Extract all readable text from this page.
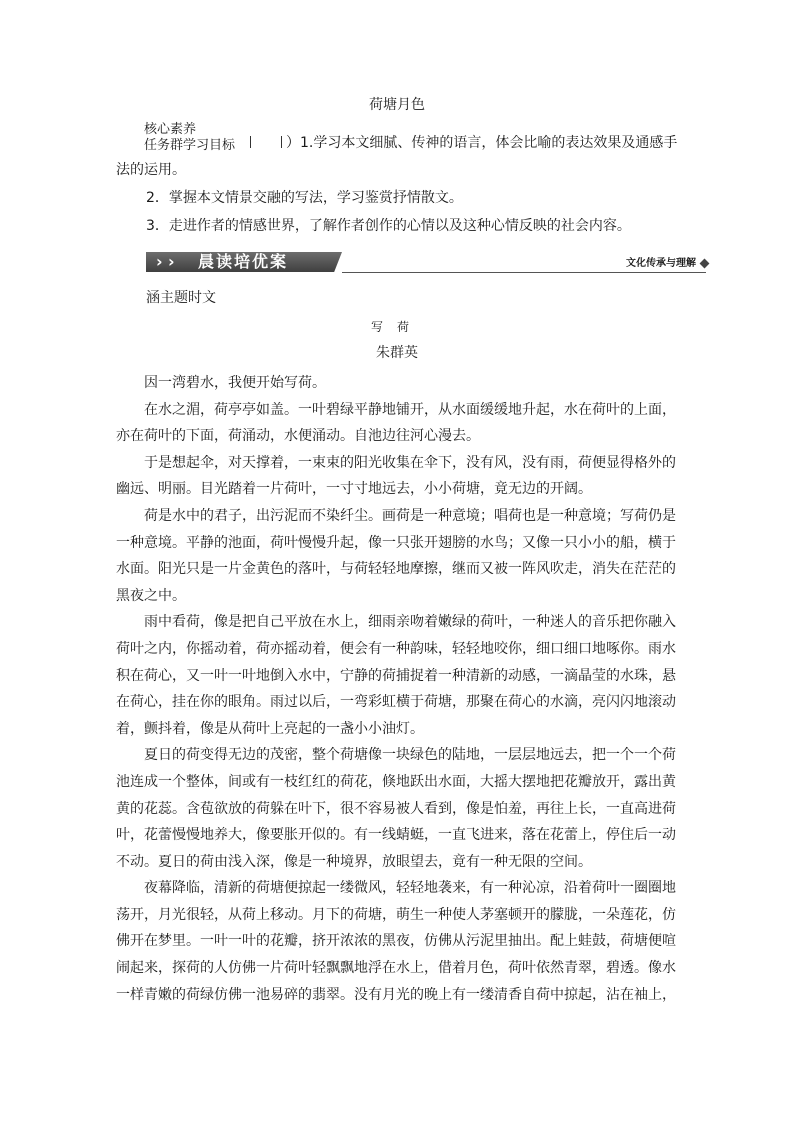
荷塘月色
核心素养
任务群学习目标	）1.学习本文细腻、传神的语言，体会比喻的表达效果及通感手
法的运用。
2．掌握本文情景交融的写法，学习鉴赏抒情散文。
3．走进作者的情感世界，了解作者创作的心情以及这种心情反映的社会内容。
› ›	晨读培优案	文化传承与理解
涵主题时文
写荷
朱群英
因一湾碧水，我便开始写荷。
在水之湄，荷亭亭如盖。一叶碧绿平静地铺开，从水面缓缓地升起，水在荷叶的上面，
亦在荷叶的下面，荷涌动，水便涌动。自池边往河心漫去。
于是想起伞，对天撑着，一束束的阳光收集在伞下，没有风，没有雨，荷便显得格外的
幽远、明丽。目光踏着一片荷叶，一寸寸地远去，小小荷塘，竟无边的开阔。
荷是水中的君子，出污泥而不染纤尘。画荷是一种意境；唱荷也是一种意境；写荷仍是
一种意境。平静的池面，荷叶慢慢升起，像一只张开翅膀的水鸟；又像一只小小的船，横于
水面。阳光只是一片金黄色的落叶，与荷轻轻地摩擦，继而又被一阵风吹走，消失在茫茫的
黑夜之中。
雨中看荷，像是把自己平放在水上，细雨亲吻着嫩绿的荷叶，一种迷人的音乐把你融入
荷叶之内，你摇动着，荷亦摇动着，便会有一种韵味，轻轻地咬你，细口细口地啄你。雨水
积在荷心，又一叶一叶地倒入水中，宁静的荷捕捉着一种清新的动感，一滴晶莹的水珠，悬
在荷心，挂在你的眼角。雨过以后，一弯彩虹横于荷塘，那聚在荷心的水滴，亮闪闪地滚动
着，颤抖着，像是从荷叶上亮起的一盏小小油灯。
夏日的荷变得无边的茂密，整个荷塘像一块绿色的陆地，一层层地远去，把一个一个荷
池连成一个整体，间或有一枝红红的荷花，倏地跃出水面，大摇大摆地把花瓣放开，露出黄
黄的花蕊。含苞欲放的荷躲在叶下，很不容易被人看到，像是怕羞，再往上长，一直高进荷
叶，花蕾慢慢地养大，像要胀开似的。有一线蜻蜓，一直飞进来，落在花蕾上，停住后一动
不动。夏日的荷由浅入深，像是一种境界，放眼望去，竟有一种无限的空间。
夜幕降临，清新的荷塘便掠起一缕微风，轻轻地袭来，有一种沁凉，沿着荷叶一圈圈地
荡开，月光很轻，从荷上移动。月下的荷塘，萌生一种使人茅塞顿开的朦胧，一朵莲花，仿
佛开在梦里。一叶一叶的花瓣，挤开浓浓的黑夜，仿佛从污泥里抽出。配上蛙鼓，荷塘便喧
闹起来，探荷的人仿佛一片荷叶轻飘飘地浮在水上，借着月色，荷叶依然青翠，碧透。像水
一样青嫩的荷绿仿佛一池易碎的翡翠。没有月光的晚上有一缕清香自荷中掠起，沾在袖上，
